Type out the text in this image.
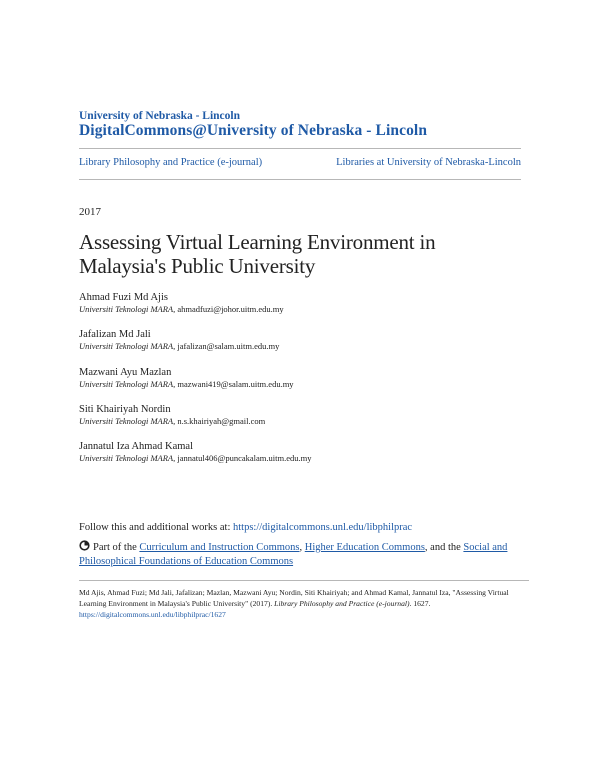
University of Nebraska - Lincoln
DigitalCommons@University of Nebraska - Lincoln
Library Philosophy and Practice (e-journal)	Libraries at University of Nebraska-Lincoln
2017
Assessing Virtual Learning Environment in Malaysia's Public University
Ahmad Fuzi Md Ajis
Universiti Teknologi MARA, ahmadfuzi@johor.uitm.edu.my
Jafalizan Md Jali
Universiti Teknologi MARA, jafalizan@salam.uitm.edu.my
Mazwani Ayu Mazlan
Universiti Teknologi MARA, mazwani419@salam.uitm.edu.my
Siti Khairiyah Nordin
Universiti Teknologi MARA, n.s.khairiyah@gmail.com
Jannatul Iza Ahmad Kamal
Universiti Teknologi MARA, jannatul406@puncakalam.uitm.edu.my
Follow this and additional works at: https://digitalcommons.unl.edu/libphilprac
Part of the Curriculum and Instruction Commons, Higher Education Commons, and the Social and Philosophical Foundations of Education Commons
Md Ajis, Ahmad Fuzi; Md Jali, Jafalizan; Mazlan, Mazwani Ayu; Nordin, Siti Khairiyah; and Ahmad Kamal, Jannatul Iza, "Assessing Virtual Learning Environment in Malaysia's Public University" (2017). Library Philosophy and Practice (e-journal). 1627.
https://digitalcommons.unl.edu/libphilprac/1627
